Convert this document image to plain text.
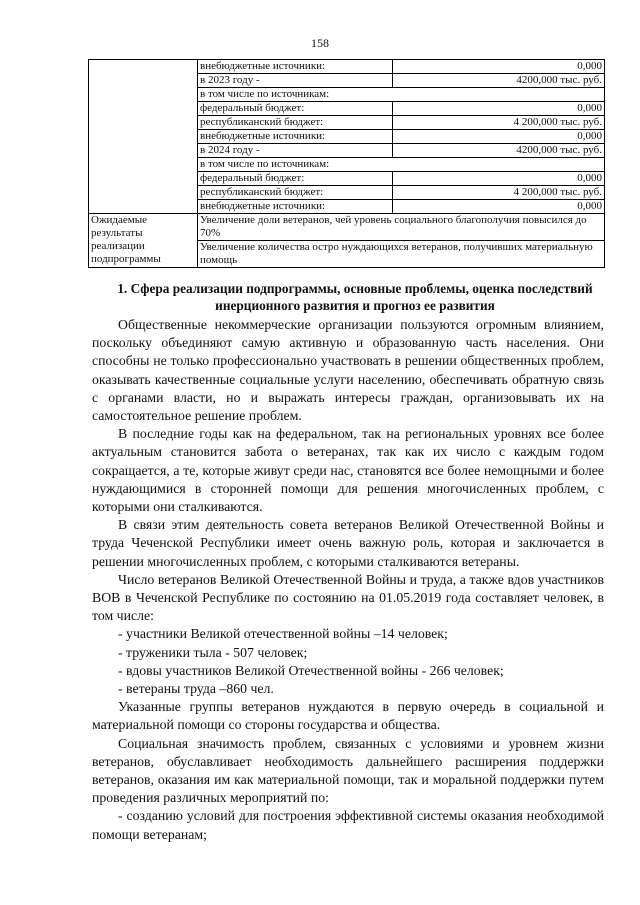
158
	внебюджетные источники:	0,000
	в 2023 году -	4200,000 тыс. руб.
	в том числе по источникам:	
	федеральный бюджет:	0,000
	республиканский бюджет:	4 200,000 тыс. руб.
	внебюджетные источники:	0,000
	в 2024 году -	4200,000 тыс. руб.
	в том числе по источникам:	
	федеральный бюджет:	0,000
	республиканский бюджет:	4 200,000 тыс. руб.
	внебюджетные источники:	0,000
Ожидаемые результаты реализации подпрограммы	Увеличение доли ветеранов, чей уровень социального благополучия повысился до 70%	
	Увеличение количества остро нуждающихся ветеранов, получивших материальную помощь	
1. Сфера реализации подпрограммы, основные проблемы, оценка последствий инерционного развития и прогноз ее развития

Общественные некоммерческие организации пользуются огромным влиянием, поскольку объединяют самую активную и образованную часть населения. Они способны не только профессионально участвовать в решении общественных проблем, оказывать качественные социальные услуги населению, обеспечивать обратную связь с органами власти, но и выражать интересы граждан, организовывать их на самостоятельное решение проблем.

В последние годы как на федеральном, так на региональных уровнях все более актуальным становится забота о ветеранах, так как их число с каждым годом сокращается, а те, которые живут среди нас, становятся все более немощными и более нуждающимися в сторонней помощи для решения многочисленных проблем, с которыми они сталкиваются.

В связи этим деятельность совета ветеранов Великой Отечественной Войны и труда Чеченской Республики имеет очень важную роль, которая и заключается в решении многочисленных проблем, с которыми сталкиваются ветераны.

Число ветеранов Великой Отечественной Войны и труда, а также вдов участников ВОВ в Чеченской Республике по состоянию на 01.05.2019 года составляет человек, в том числе:

- участники Великой отечественной войны –14 человек;

- труженики тыла - 507 человек;

- вдовы участников Великой Отечественной войны - 266 человек;

- ветераны труда –860 чел.

Указанные группы ветеранов нуждаются в первую очередь в социальной и материальной помощи со стороны государства и общества.

Социальная значимость проблем, связанных с условиями и уровнем жизни ветеранов, обуславливает необходимость дальнейшего расширения поддержки ветеранов, оказания им как материальной помощи, так и моральной поддержки путем проведения различных мероприятий по:

- созданию условий для построения эффективной системы оказания необходимой помощи ветеранам;
